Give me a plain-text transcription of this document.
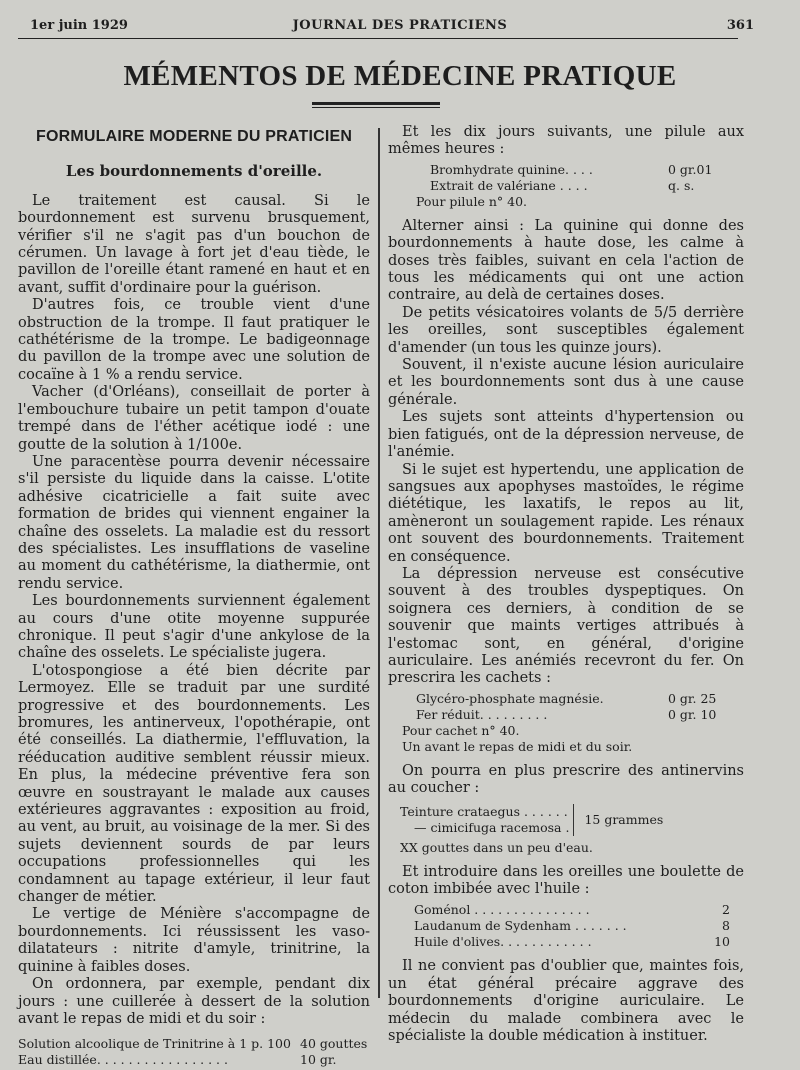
1er juin 1929	JOURNAL DES PRATICIENS	361
MÉMENTOS DE MÉDECINE PRATIQUE
FORMULAIRE MODERNE DU PRATICIEN
Les bourdonnements d'oreille.

Le traitement est causal. Si le bourdonnement est survenu brusquement, vérifier s'il ne s'agit pas d'un bouchon de cérumen. Un lavage à fort jet d'eau tiède, le pavillon de l'oreille étant ramené en haut et en avant, suffit d'ordinaire pour la guérison.

D'autres fois, ce trouble vient d'une obstruction de la trompe. Il faut pratiquer le cathétérisme de la trompe. Le badigeonnage du pavillon de la trompe avec une solution de cocaïne à 1 % a rendu service.

Vacher (d'Orléans), conseillait de porter à l'embouchure tubaire un petit tampon d'ouate trempé dans de l'éther acétique iodé : une goutte de la solution à 1/100e.

Une paracentèse pourra devenir nécessaire s'il persiste du liquide dans la caisse. L'otite adhésive cicatricielle a fait suite avec formation de brides qui viennent engainer la chaîne des osselets. La maladie est du ressort des spécialistes. Les insufflations de vaseline au moment du cathétérisme, la diathermie, ont rendu service.

Les bourdonnements surviennent également au cours d'une otite moyenne suppurée chronique. Il peut s'agir d'une ankylose de la chaîne des osselets. Le spécialiste jugera.

L'otospongiose a été bien décrite par Lermoyez. Elle se traduit par une surdité progressive et des bourdonnements. Les bromures, les antinerveux, l'opothérapie, ont été conseillés. La diathermie, l'effluvation, la rééducation auditive semblent réussir mieux. En plus, la médecine préventive fera son œuvre en soustrayant le malade aux causes extérieures aggravantes : exposition au froid, au vent, au bruit, au voisinage de la mer. Si des sujets deviennent sourds de par leurs occupations professionnelles qui les condamnent au tapage extérieur, il leur faut changer de métier.

Le vertige de Ménière s'accompagne de bourdonnements. Ici réussissent les vaso-dilatateurs : nitrite d'amyle, trinitrine, la quinine à faibles doses.

On ordonnera, par exemple, pendant dix jours : une cuillerée à dessert de la solution avant le repas de midi et du soir :

Solution alcoolique de Trinitrine à 1 p. 100 40 gouttes
Eau distillée. . . . . . . . . . . . . . . . .	10 gr.

Et les dix jours suivants, une pilule aux mêmes heures :

Bromhydrate quinine. . . .	0 gr.01
Extrait de valériane . . . .	q. s.
Pour pilule n° 40.

Alterner ainsi : La quinine qui donne des bourdonnements à haute dose, les calme à doses très faibles, suivant en cela l'action de tous les médicaments qui ont une action contraire, au delà de certaines doses.

De petits vésicatoires volants de 5/5 derrière les oreilles, sont susceptibles également d'amender (un tous les quinze jours).

Souvent, il n'existe aucune lésion auriculaire et les bourdonnements sont dus à une cause générale.

Les sujets sont atteints d'hypertension ou bien fatigués, ont de la dépression nerveuse, de l'anémie.

Si le sujet est hypertendu, une application de sangsues aux apophyses mastoïdes, le régime diététique, les laxatifs, le repos au lit, amèneront un soulagement rapide. Les rénaux ont souvent des bourdonnements. Traitement en conséquence.

La dépression nerveuse est consécutive souvent à des troubles dyspeptiques. On soignera ces derniers, à condition de se souvenir que maints vertiges attribués à l'estomac sont, en général, d'origine auriculaire. Les anémiés recevront du fer. On prescrira les cachets :

Glycéro-phosphate magnésie.	0 gr. 25
Fer réduit. . . . . . . . .	0 gr. 10
Pour cachet n° 40.
Un avant le repas de midi et du soir.

On pourra en plus prescrire des antinervins au coucher :

Teinture crataegus . . . . . .
— cimicifuga racemosa .
15 grammes
XX gouttes dans un peu d'eau.

Et introduire dans les oreilles une boulette de coton imbibée avec l'huile :

Goménol . . . . . . . . . . . . . . .	2
Laudanum de Sydenham . . . . . . .	8
Huile d'olives. . . . . . . . . . . .	10

Il ne convient pas d'oublier que, maintes fois, un état général précaire aggrave des bourdonnements d'origine auriculaire. Le médecin du malade combinera avec le spécialiste la double médication à instituer.
